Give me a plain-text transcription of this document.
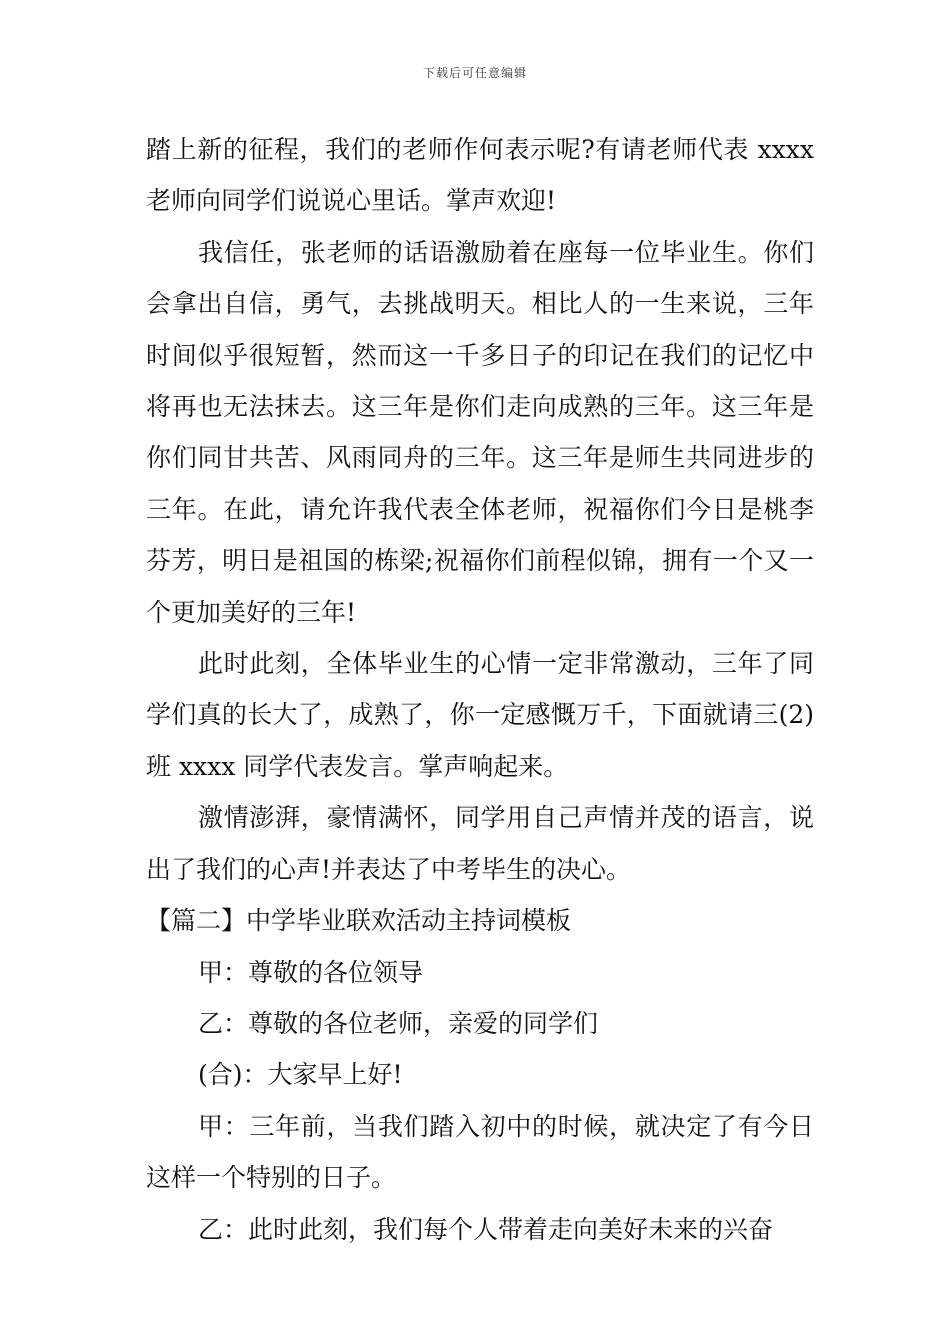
下载后可任意编辑

踏上新的征程，我们的老师作何表示呢?有请老师代表 xxxx 老师向同学们说说心里话。掌声欢迎!

我信任，张老师的话语激励着在座每一位毕业生。你们会拿出自信，勇气，去挑战明天。相比人的一生来说，三年时间似乎很短暂，然而这一千多日子的印记在我们的记忆中将再也无法抹去。这三年是你们走向成熟的三年。这三年是你们同甘共苦、风雨同舟的三年。这三年是师生共同进步的三年。在此，请允许我代表全体老师，祝福你们今日是桃李芬芳，明日是祖国的栋梁;祝福你们前程似锦，拥有一个又一个更加美好的三年!

此时此刻，全体毕业生的心情一定非常激动，三年了同学们真的长大了，成熟了，你一定感慨万千，下面就请三(2)班 xxxx 同学代表发言。掌声响起来。

激情澎湃，豪情满怀，同学用自己声情并茂的语言，说出了我们的心声!并表达了中考毕生的决心。

【篇二】中学毕业联欢活动主持词模板

甲：尊敬的各位领导

乙：尊敬的各位老师，亲爱的同学们

(合)：大家早上好!

甲：三年前，当我们踏入初中的时候，就决定了有今日这样一个特别的日子。

乙：此时此刻，我们每个人带着走向美好未来的兴奋
